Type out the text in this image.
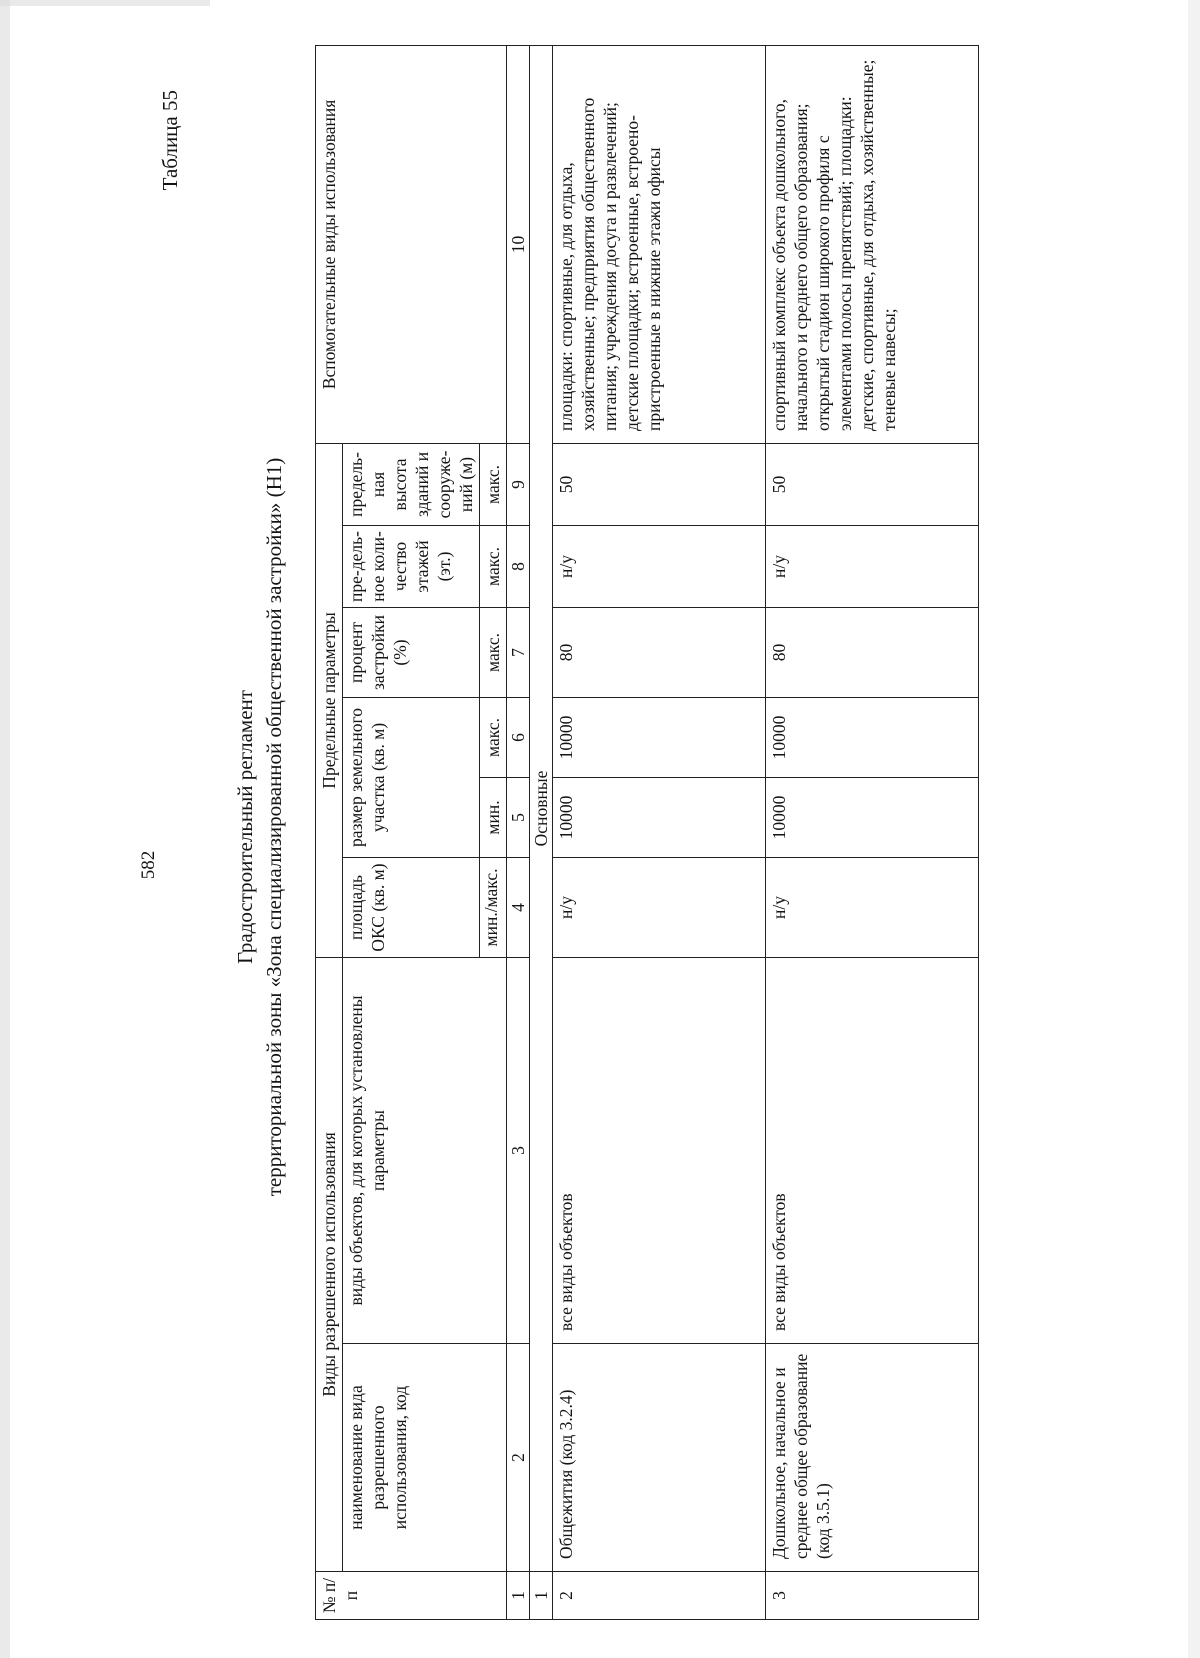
582
Таблица 55
Градостроительный регламент территориальной зоны «Зона специализированной общественной застройки» (Н1)
№ п/п	Виды разрешенного использования		Предельные параметры						Вспомогательные виды использования
	наименование вида разрешенного использования, код	виды объектов, для которых установлены параметры	площадь ОКС (кв. м)	размер земельного участка (кв. м)		процент застройки (%)	пре-дель-ное коли-чество этажей (эт.)	предель-ная высота зданий и сооруже-ний (м)	
			мин./макс.	мин.	макс.	макс.	макс.	макс.	
1	2	3	4	5	6	7	8	9	10
1	Основные								
2	Общежития (код 3.2.4)	все виды объектов	н/у	10000	10000	80	н/у	50	площадки: спортивные, для отдыха, хозяйственные; предприятия общественного питания; учреждения досуга и развлечений; детские площадки; встроенные, встроено-пристроенные в нижние этажи офисы
3	Дошкольное, начальное и среднее общее образование (код 3.5.1)	все виды объектов	н/у	10000	10000	80	н/у	50	спортивный комплекс объекта дошкольного, начального и среднего общего образования; открытый стадион широкого профиля с элементами полосы препятствий; площадки: детские, спортивные, для отдыха, хозяйственные; теневые навесы;
